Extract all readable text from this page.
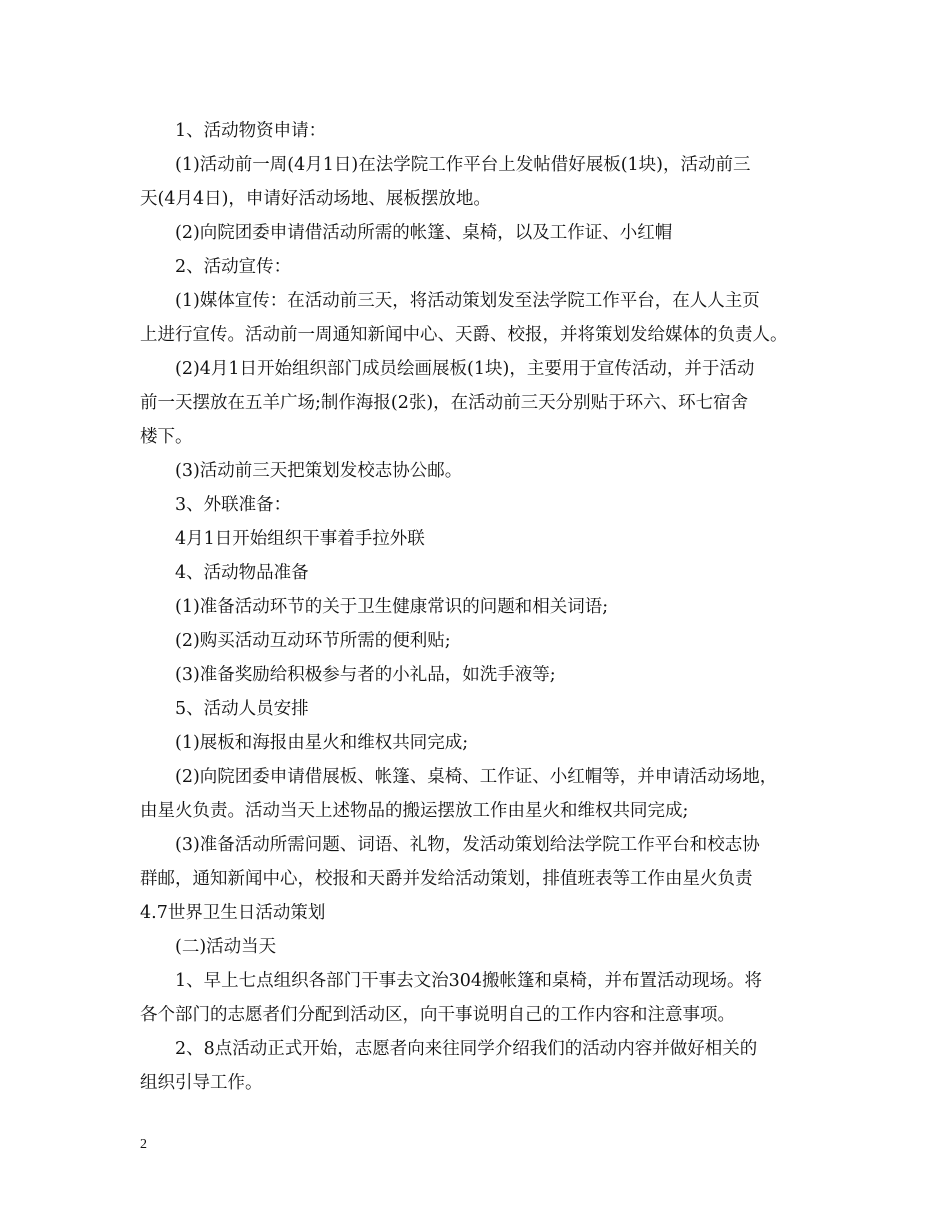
1、活动物资申请：
(1)活动前一周(4月1日)在法学院工作平台上发帖借好展板(1块)，活动前三
天(4月4日)，申请好活动场地、展板摆放地。
(2)向院团委申请借活动所需的帐篷、桌椅，以及工作证、小红帽
2、活动宣传：
(1)媒体宣传：在活动前三天，将活动策划发至法学院工作平台，在人人主页
上进行宣传。活动前一周通知新闻中心、天爵、校报，并将策划发给媒体的负责人。
(2)4月1日开始组织部门成员绘画展板(1块)，主要用于宣传活动，并于活动
前一天摆放在五羊广场;制作海报(2张)，在活动前三天分别贴于环六、环七宿舍
楼下。
(3)活动前三天把策划发校志协公邮。
3、外联准备：
4月1日开始组织干事着手拉外联
4、活动物品准备
(1)准备活动环节的关于卫生健康常识的问题和相关词语;
(2)购买活动互动环节所需的便利贴;
(3)准备奖励给积极参与者的小礼品，如洗手液等;
5、活动人员安排
(1)展板和海报由星火和维权共同完成;
(2)向院团委申请借展板、帐篷、桌椅、工作证、小红帽等，并申请活动场地，
由星火负责。活动当天上述物品的搬运摆放工作由星火和维权共同完成;
(3)准备活动所需问题、词语、礼物，发活动策划给法学院工作平台和校志协
群邮，通知新闻中心，校报和天爵并发给活动策划，排值班表等工作由星火负责
4.7世界卫生日活动策划
(二)活动当天
1、早上七点组织各部门干事去文治304搬帐篷和桌椅，并布置活动现场。将
各个部门的志愿者们分配到活动区，向干事说明自己的工作内容和注意事项。
2、8点活动正式开始，志愿者向来往同学介绍我们的活动内容并做好相关的
组织引导工作。
2
